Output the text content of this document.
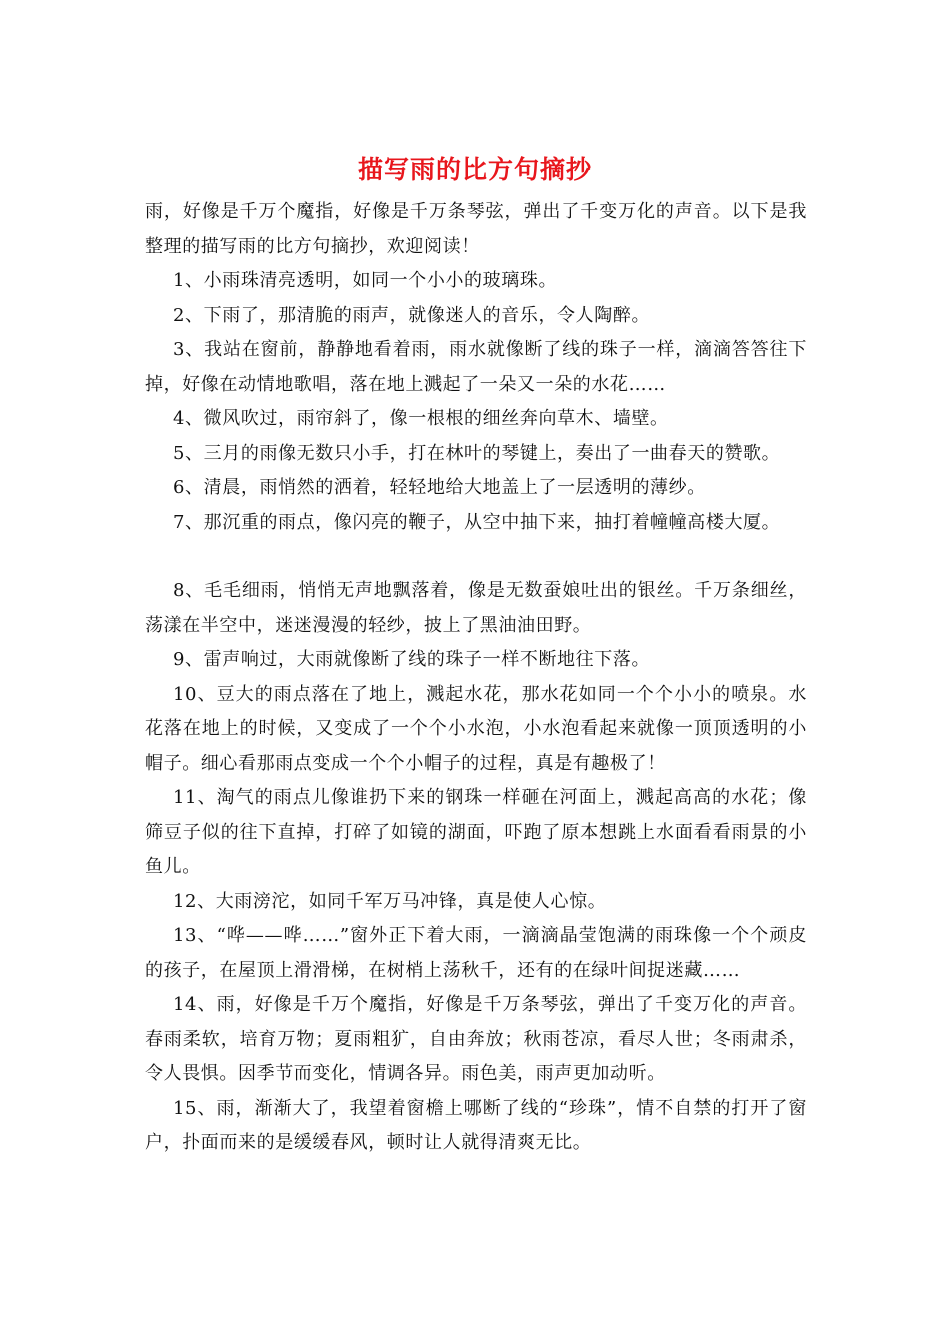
描写雨的比方句摘抄

雨，好像是千万个魔指，好像是千万条琴弦，弹出了千变万化的声音。以下是我整理的描写雨的比方句摘抄，欢迎阅读！

1、小雨珠清亮透明，如同一个小小的玻璃珠。

2、下雨了，那清脆的雨声，就像迷人的音乐，令人陶醉。

3、我站在窗前，静静地看着雨，雨水就像断了线的珠子一样，滴滴答答往下掉，好像在动情地歌唱，落在地上溅起了一朵又一朵的水花……

4、微风吹过，雨帘斜了，像一根根的细丝奔向草木、墙壁。

5、三月的雨像无数只小手，打在林叶的琴键上，奏出了一曲春天的赞歌。

6、清晨，雨悄然的洒着，轻轻地给大地盖上了一层透明的薄纱。

7、那沉重的雨点，像闪亮的鞭子，从空中抽下来，抽打着幢幢高楼大厦。

8、毛毛细雨，悄悄无声地飘落着，像是无数蚕娘吐出的银丝。千万条细丝，荡漾在半空中，迷迷漫漫的轻纱，披上了黑油油田野。

9、雷声响过，大雨就像断了线的珠子一样不断地往下落。

10、豆大的雨点落在了地上，溅起水花，那水花如同一个个小小的喷泉。水花落在地上的时候，又变成了一个个小水泡，小水泡看起来就像一顶顶透明的小帽子。细心看那雨点变成一个个小帽子的过程，真是有趣极了！

11、淘气的雨点儿像谁扔下来的钢珠一样砸在河面上，溅起高高的水花；像筛豆子似的往下直掉，打碎了如镜的湖面，吓跑了原本想跳上水面看看雨景的小鱼儿。

12、大雨滂沱，如同千军万马冲锋，真是使人心惊。

13、“哗——哗……”窗外正下着大雨，一滴滴晶莹饱满的雨珠像一个个顽皮的孩子，在屋顶上滑滑梯，在树梢上荡秋千，还有的在绿叶间捉迷藏……

14、雨，好像是千万个魔指，好像是千万条琴弦，弹出了千变万化的声音。春雨柔软，培育万物；夏雨粗犷，自由奔放；秋雨苍凉，看尽人世；冬雨肃杀，令人畏惧。因季节而变化，情调各异。雨色美，雨声更加动听。

15、雨，渐渐大了，我望着窗檐上哪断了线的“珍珠”，情不自禁的打开了窗户，扑面而来的是缓缓春风，顿时让人就得清爽无比。
